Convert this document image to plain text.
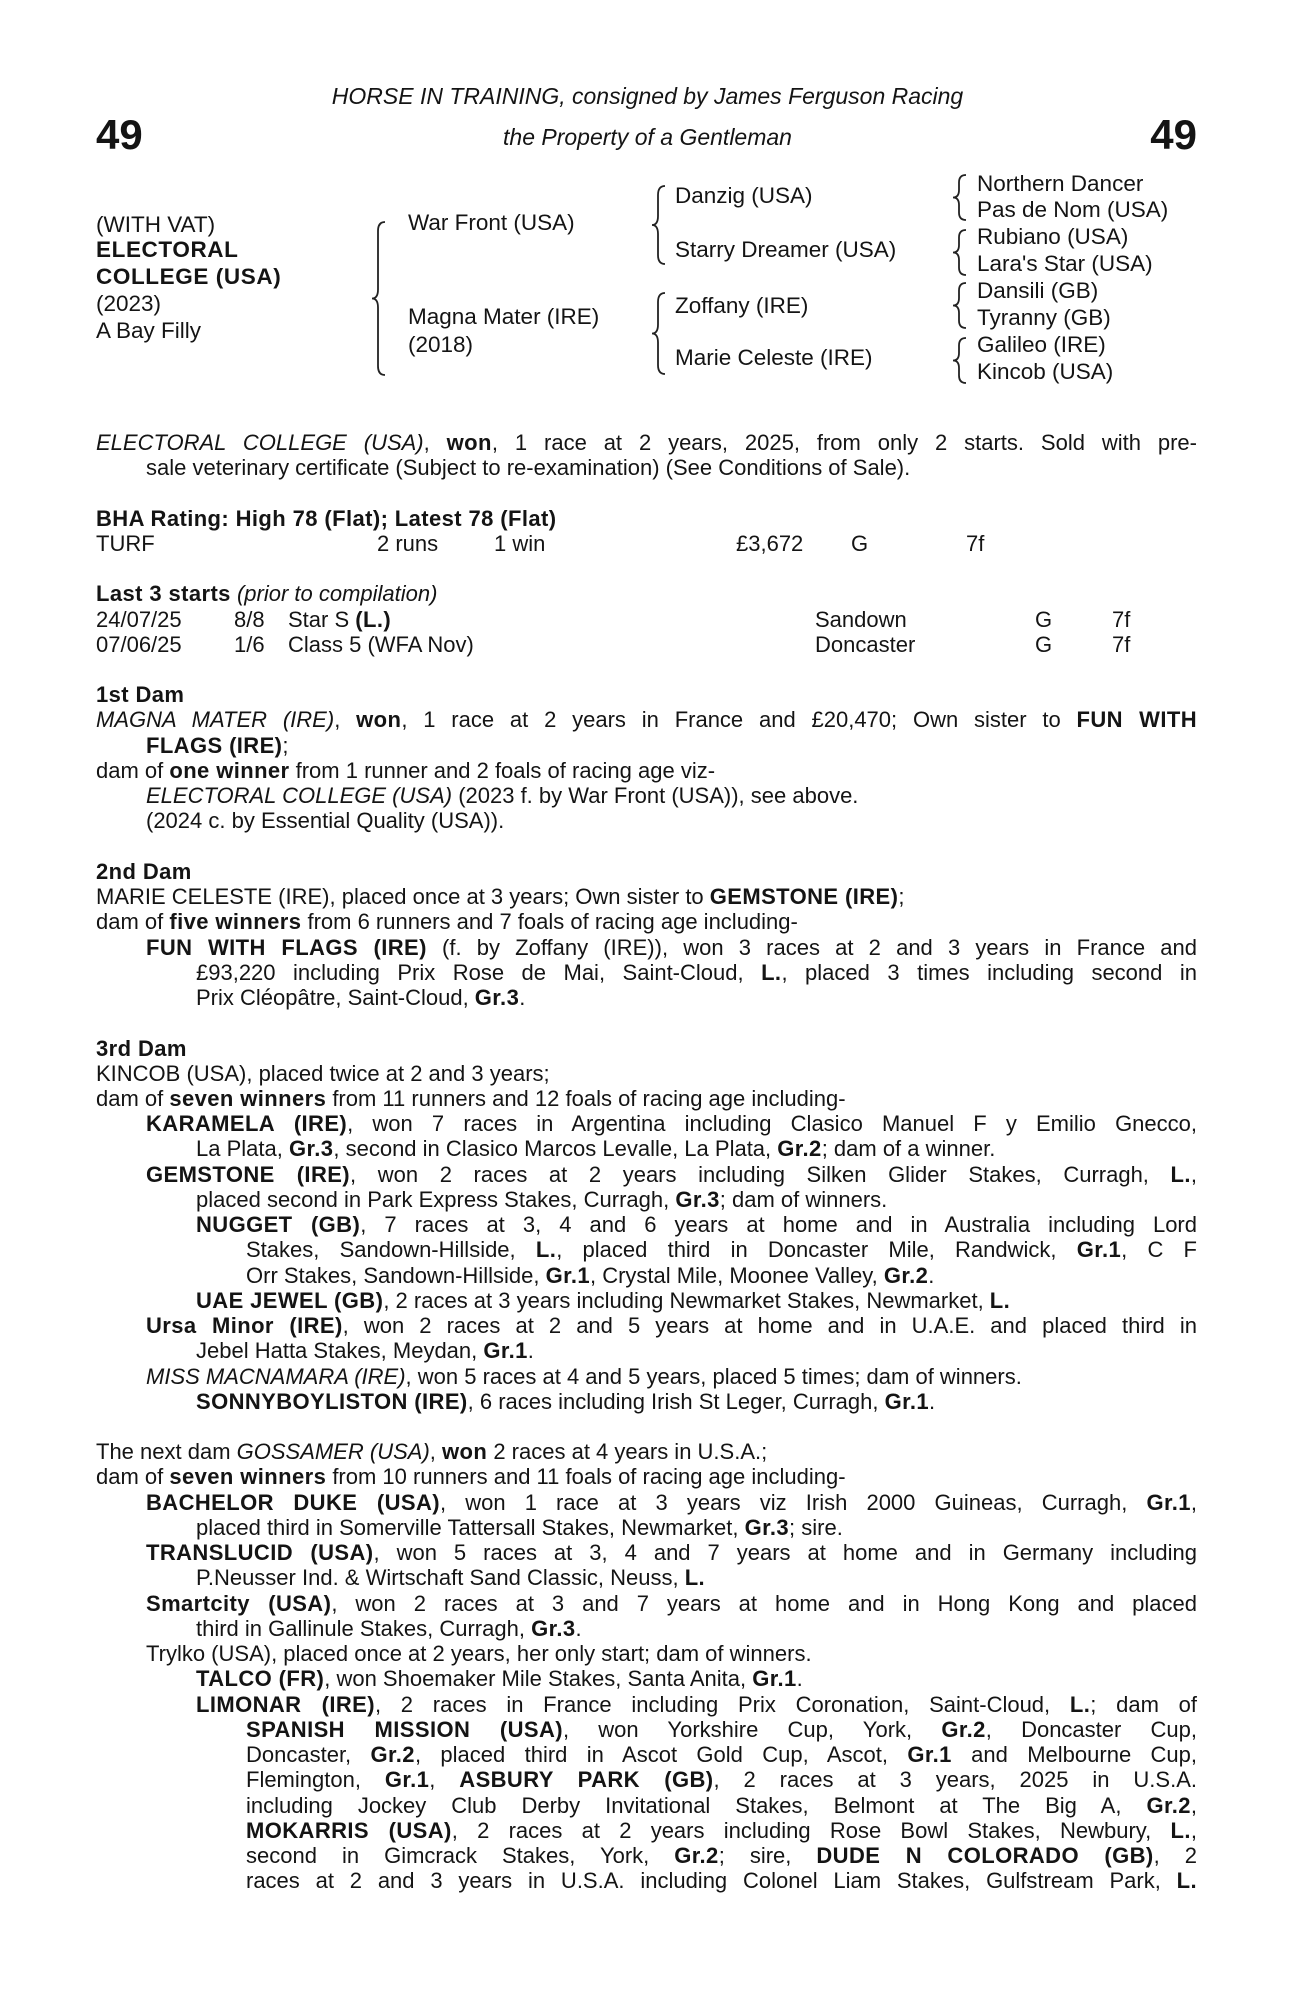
HORSE IN TRAINING, consigned by James Ferguson Racing
the Property of a Gentleman
49	49
(WITH VAT)
ELECTORAL
COLLEGE (USA)
(2023)
A Bay Filly
War Front (USA)
Magna Mater (IRE)
(2018)
Danzig (USA)
Starry Dreamer (USA)
Zoffany (IRE)
Marie Celeste (IRE)
Northern Dancer
Pas de Nom (USA)
Rubiano (USA)
Lara's Star (USA)
Dansili (GB)
Tyranny (GB)
Galileo (IRE)
Kincob (USA)
ELECTORAL COLLEGE (USA), won, 1 race at 2 years, 2025, from only 2 starts. Sold with pre-
sale veterinary certificate (Subject to re-examination) (See Conditions of Sale).
BHA Rating: High 78 (Flat); Latest 78 (Flat)
TURF	2 runs	1 win	£3,672 G	7f
Last 3 starts (prior to compilation)
24/07/25 8/8 Star S (L.)	Sandown	G	7f
07/06/25 1/6 Class 5 (WFA Nov)	Doncaster	G	7f
1st Dam
MAGNA MATER (IRE), won, 1 race at 2 years in France and £20,470; Own sister to FUN WITH
FLAGS (IRE);
dam of one winner from 1 runner and 2 foals of racing age viz-
ELECTORAL COLLEGE (USA) (2023 f. by War Front (USA)), see above.
(2024 c. by Essential Quality (USA)).
2nd Dam
MARIE CELESTE (IRE), placed once at 3 years; Own sister to GEMSTONE (IRE);
dam of five winners from 6 runners and 7 foals of racing age including-
FUN WITH FLAGS (IRE) (f. by Zoffany (IRE)), won 3 races at 2 and 3 years in France and
£93,220 including Prix Rose de Mai, Saint-Cloud, L., placed 3 times including second in
Prix Cléopâtre, Saint-Cloud, Gr.3.
3rd Dam
KINCOB (USA), placed twice at 2 and 3 years;
dam of seven winners from 11 runners and 12 foals of racing age including-
KARAMELA (IRE), won 7 races in Argentina including Clasico Manuel F y Emilio Gnecco,
La Plata, Gr.3, second in Clasico Marcos Levalle, La Plata, Gr.2; dam of a winner.
GEMSTONE (IRE), won 2 races at 2 years including Silken Glider Stakes, Curragh, L.,
placed second in Park Express Stakes, Curragh, Gr.3; dam of winners.
NUGGET (GB), 7 races at 3, 4 and 6 years at home and in Australia including Lord
Stakes, Sandown-Hillside, L., placed third in Doncaster Mile, Randwick, Gr.1, C F
Orr Stakes, Sandown-Hillside, Gr.1, Crystal Mile, Moonee Valley, Gr.2.
UAE JEWEL (GB), 2 races at 3 years including Newmarket Stakes, Newmarket, L.
Ursa Minor (IRE), won 2 races at 2 and 5 years at home and in U.A.E. and placed third in
Jebel Hatta Stakes, Meydan, Gr.1.
MISS MACNAMARA (IRE), won 5 races at 4 and 5 years, placed 5 times; dam of winners.
SONNYBOYLISTON (IRE), 6 races including Irish St Leger, Curragh, Gr.1.
The next dam GOSSAMER (USA), won 2 races at 4 years in U.S.A.;
dam of seven winners from 10 runners and 11 foals of racing age including-
BACHELOR DUKE (USA), won 1 race at 3 years viz Irish 2000 Guineas, Curragh, Gr.1,
placed third in Somerville Tattersall Stakes, Newmarket, Gr.3; sire.
TRANSLUCID (USA), won 5 races at 3, 4 and 7 years at home and in Germany including
P.Neusser Ind. & Wirtschaft Sand Classic, Neuss, L.
Smartcity (USA), won 2 races at 3 and 7 years at home and in Hong Kong and placed
third in Gallinule Stakes, Curragh, Gr.3.
Trylko (USA), placed once at 2 years, her only start; dam of winners.
TALCO (FR), won Shoemaker Mile Stakes, Santa Anita, Gr.1.
LIMONAR (IRE), 2 races in France including Prix Coronation, Saint-Cloud, L.; dam of
SPANISH MISSION (USA), won Yorkshire Cup, York, Gr.2, Doncaster Cup,
Doncaster, Gr.2, placed third in Ascot Gold Cup, Ascot, Gr.1 and Melbourne Cup,
Flemington, Gr.1, ASBURY PARK (GB), 2 races at 3 years, 2025 in U.S.A.
including Jockey Club Derby Invitational Stakes, Belmont at The Big A, Gr.2,
MOKARRIS (USA), 2 races at 2 years including Rose Bowl Stakes, Newbury, L.,
second in Gimcrack Stakes, York, Gr.2; sire, DUDE N COLORADO (GB), 2
races at 2 and 3 years in U.S.A. including Colonel Liam Stakes, Gulfstream Park, L.
